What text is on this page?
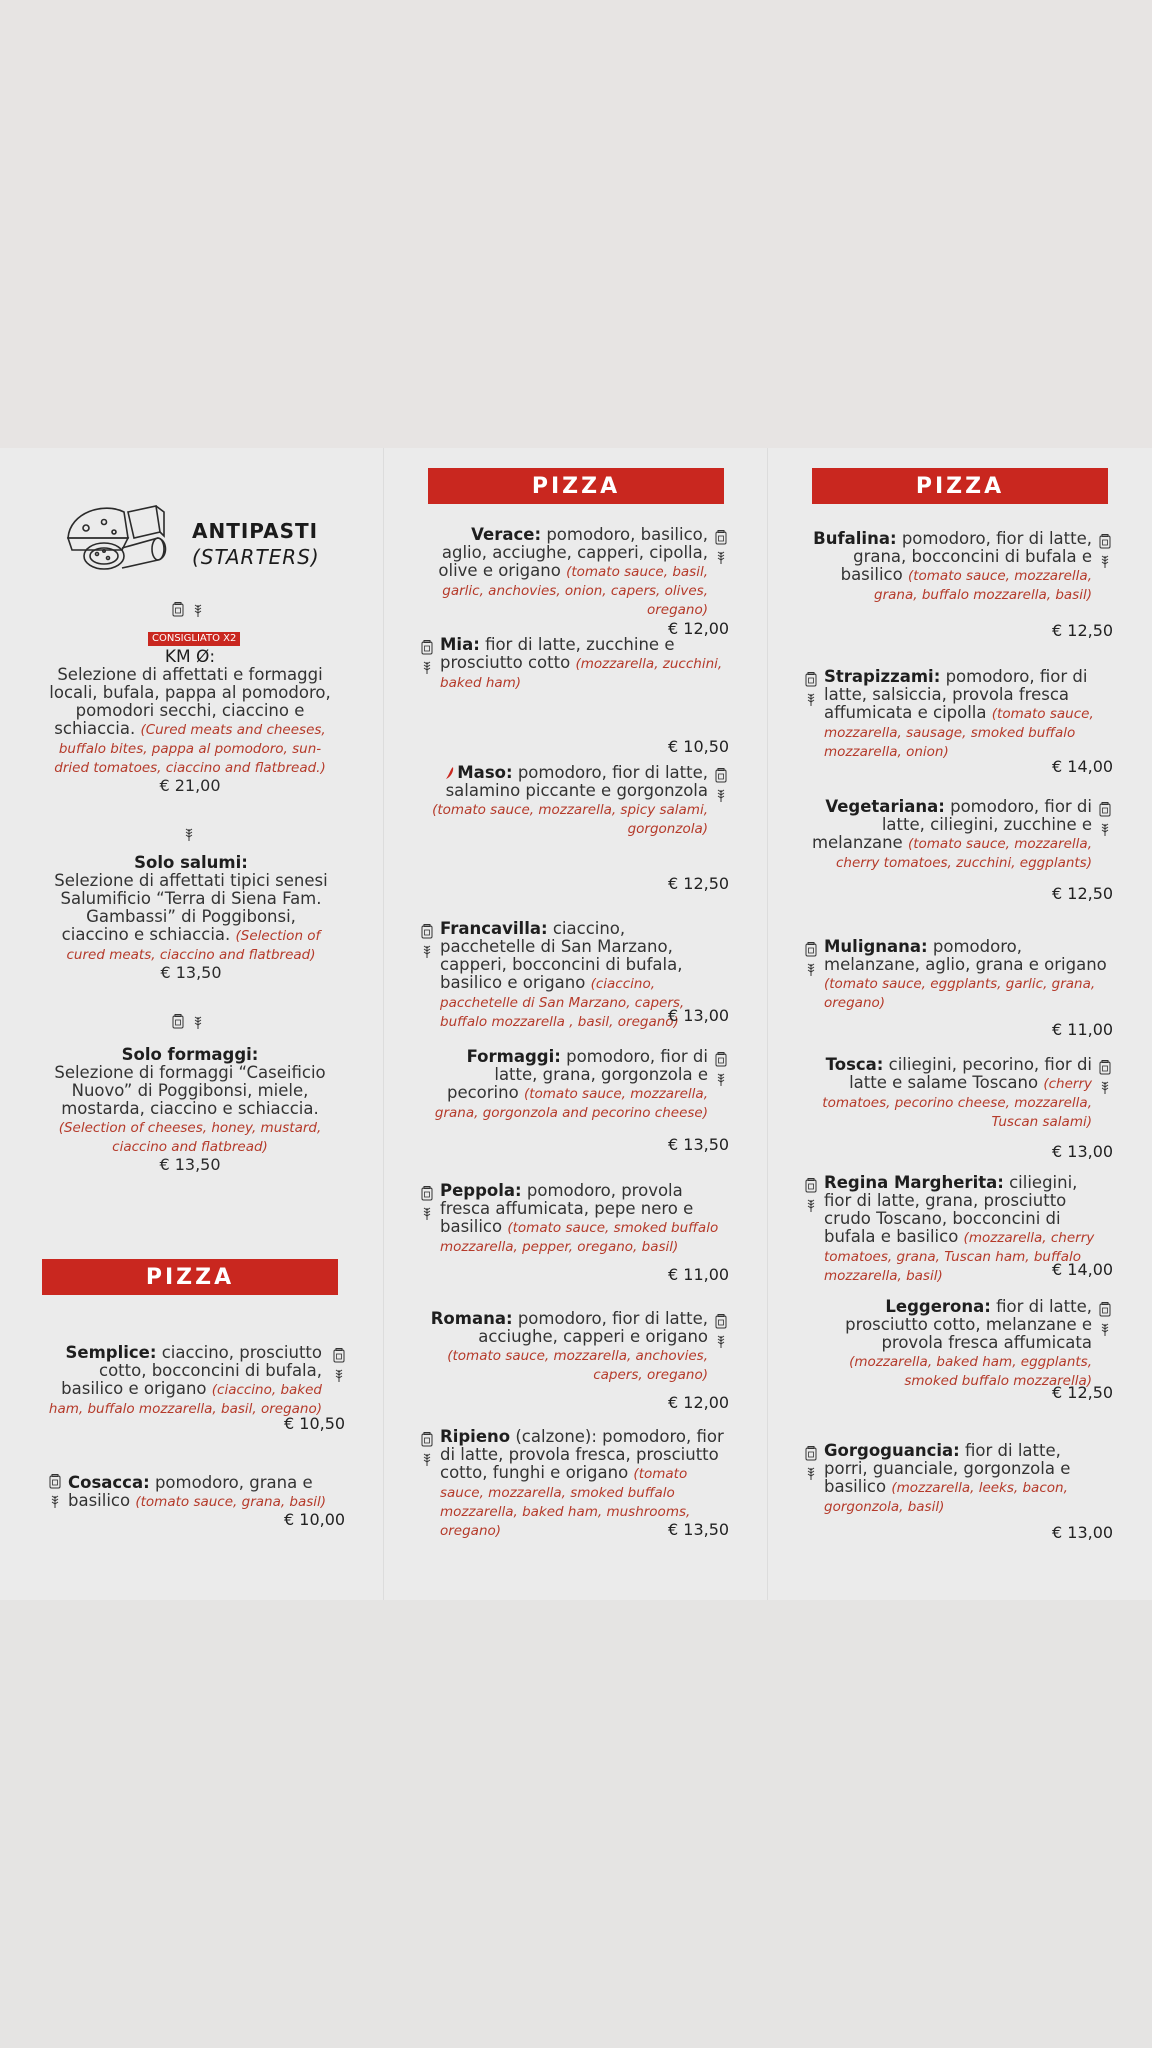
ANTIPASTI
(STARTERS)
CONSIGLIATO X2
KM Ø:
Selezione di affettati e formaggi locali, bufala, pappa al pomodoro, pomodori secchi, ciaccino e schiaccia. (Cured meats and cheeses, buffalo bites, pappa al pomodoro, sun-dried tomatoes, ciaccino and flatbread.)
€ 21,00
Solo salumi:
Selezione di affettati tipici senesi Salumificio “Terra di Siena Fam. Gambassi” di Poggibonsi, ciaccino e schiaccia. (Selection of cured meats, ciaccino and flatbread)
€ 13,50
Solo formaggi:
Selezione di formaggi “Caseificio Nuovo” di Poggibonsi, miele, mostarda, ciaccino e schiaccia. (Selection of cheeses, honey, mustard, ciaccino and flatbread)
€ 13,50
PIZZA
Semplice: ciaccino, prosciutto cotto, bocconcini di bufala, basilico e origano (ciaccino, baked ham, buffalo mozzarella, basil, oregano)
€ 10,50
Cosacca: pomodoro, grana e basilico (tomato sauce, grana, basil)
€ 10,00
PIZZA
Verace: pomodoro, basilico, aglio, acciughe, capperi, cipolla, olive e origano (tomato sauce, basil, garlic, anchovies, onion, capers, olives, oregano)
€ 12,00
Mia: fior di latte, zucchine e prosciutto cotto (mozzarella, zucchini, baked ham)
€ 10,50
Maso: pomodoro, fior di latte, salamino piccante e gorgonzola (tomato sauce, mozzarella, spicy salami, gorgonzola)
€ 12,50
Francavilla: ciaccino, pacchetelle di San Marzano, capperi, bocconcini di bufala, basilico e origano (ciaccino, pacchetelle di San Marzano, capers, buffalo mozzarella , basil, oregano)
€ 13,00
Formaggi: pomodoro, fior di latte, grana, gorgonzola e pecorino (tomato sauce, mozzarella, grana, gorgonzola and pecorino cheese)
€ 13,50
Peppola: pomodoro, provola fresca affumicata, pepe nero e basilico (tomato sauce, smoked buffalo mozzarella, pepper, oregano, basil)
€ 11,00
Romana: pomodoro, fior di latte, acciughe, capperi e origano (tomato sauce, mozzarella, anchovies, capers, oregano)
€ 12,00
Ripieno (calzone): pomodoro, fior di latte, provola fresca, prosciutto cotto, funghi e origano (tomato sauce, mozzarella, smoked buffalo mozzarella, baked ham, mushrooms, oregano)	€ 13,50
PIZZA
Bufalina: pomodoro, fior di latte, grana, bocconcini di bufala e basilico (tomato sauce, mozzarella, grana, buffalo mozzarella, basil)
€ 12,50
Strapizzami: pomodoro, fior di latte, salsiccia, provola fresca affumicata e cipolla (tomato sauce, mozzarella, sausage, smoked buffalo mozzarella, onion)
€ 14,00
Vegetariana: pomodoro, fior di latte, ciliegini, zucchine e melanzane (tomato sauce, mozzarella, cherry tomatoes, zucchini, eggplants)
€ 12,50
Mulignana: pomodoro, melanzane, aglio, grana e origano (tomato sauce, eggplants, garlic, grana, oregano)
€ 11,00
Tosca: ciliegini, pecorino, fior di latte e salame Toscano (cherry tomatoes, pecorino cheese, mozzarella, Tuscan salami)
€ 13,00
Regina Margherita: ciliegini, fior di latte, grana, prosciutto crudo Toscano, bocconcini di bufala e basilico (mozzarella, cherry tomatoes, grana, Tuscan ham, buffalo mozzarella, basil)	€ 14,00
Leggerona: fior di latte, prosciutto cotto, melanzane e provola fresca affumicata (mozzarella, baked ham, eggplants, smoked buffalo mozzarella)
€ 12,50
Gorgoguancia: fior di latte, porri, guanciale, gorgonzola e basilico (mozzarella, leeks, bacon, gorgonzola, basil)
€ 13,00
